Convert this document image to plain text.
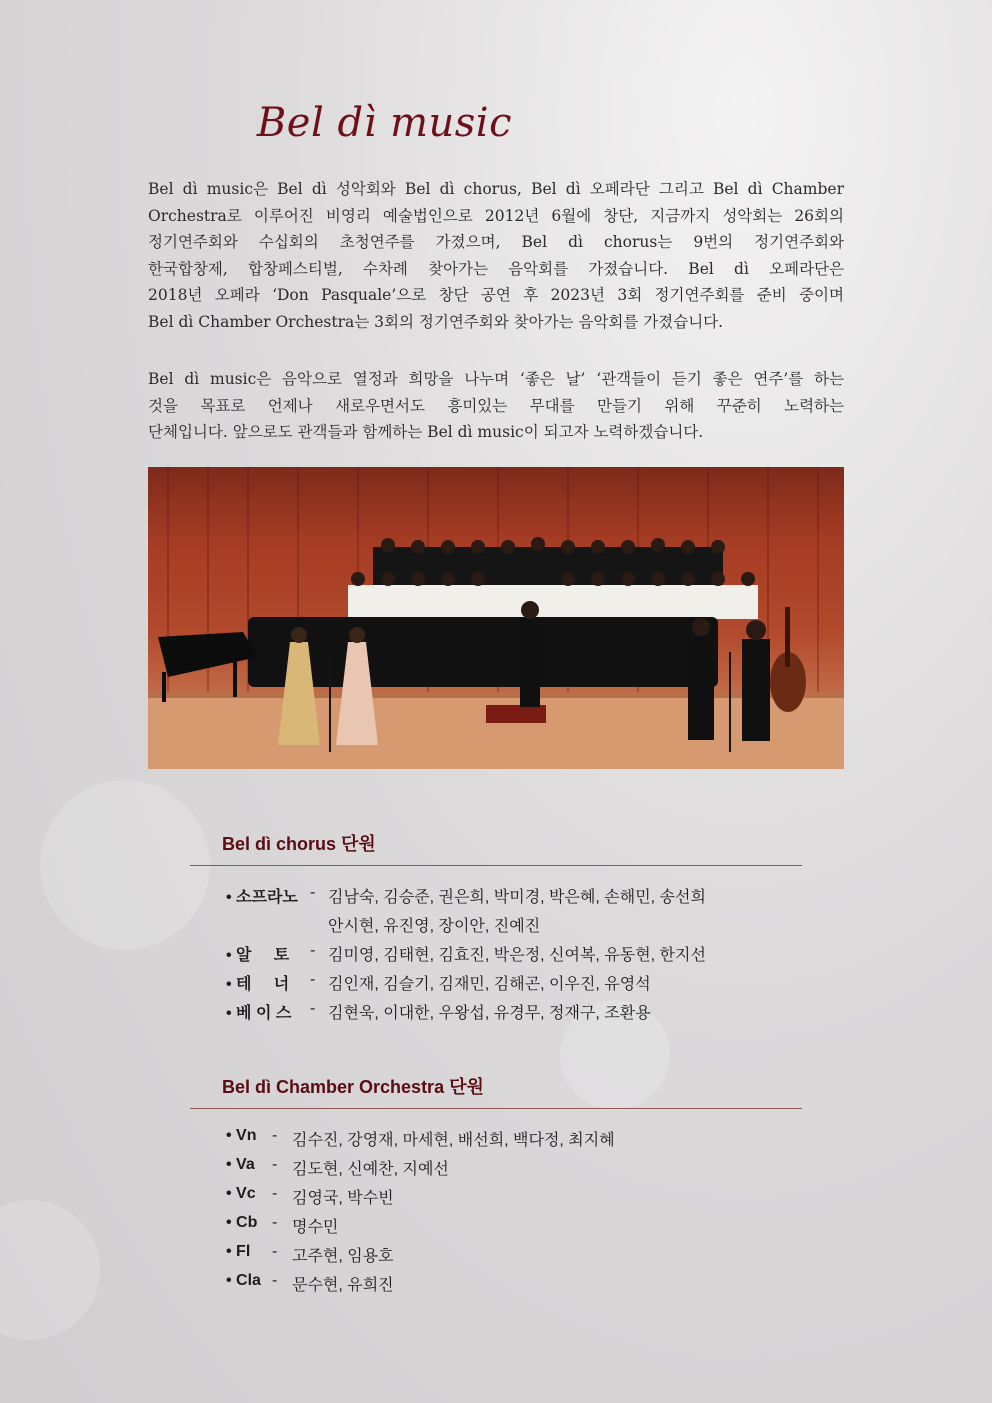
Bel dì music
Bel dì music은 Bel dì 성악회와 Bel dì chorus, Bel dì 오페라단 그리고 Bel dì Chamber
Orchestra로 이루어진 비영리 예술법인으로 2012년 6월에 창단, 지금까지 성악회는 26회의
정기연주회와 수십회의 초청연주를 가졌으며, Bel dì chorus는 9번의 정기연주회와
한국합창제, 합창페스티벌, 수차례 찾아가는 음악회를 가졌습니다. Bel dì 오페라단은
2018년 오페라 ‘Don Pasquale’으로 창단 공연 후 2023년 3회 정기연주회를 준비 중이며
Bel dì Chamber Orchestra는 3회의 정기연주회와 찾아가는 음악회를 가졌습니다.
Bel dì music은 음악으로 열정과 희망을 나누며 ‘좋은 날’ ‘관객들이 듣기 좋은 연주’를 하는
것을 목표로 언제나 새로우면서도 흥미있는 무대를 만들기 위해 꾸준히 노력하는
단체입니다. 앞으로도 관객들과 함께하는 Bel dì music이 되고자 노력하겠습니다.
Bel dì chorus 단원
• 소프라노 - 김남숙, 김승준, 권은희, 박미경, 박은혜, 손해민, 송선희
안시현, 유진영, 장이안, 진예진
• 알     토 - 김미영, 김태현, 김효진, 박은정, 신여복, 유동현, 한지선
• 테     너 - 김인재, 김슬기, 김재민, 김해곤, 이우진, 유영석
• 베 이 스 - 김현욱, 이대한, 우왕섭, 유경무, 정재구, 조환용
Bel dì Chamber Orchestra 단원
• Vn - 김수진, 강영재, 마세현, 배선희, 백다정, 최지혜
• Va - 김도현, 신예찬, 지예선
• Vc - 김영국, 박수빈
• Cb - 명수민
• Fl - 고주현, 임용호
• Cla - 문수현, 유희진
